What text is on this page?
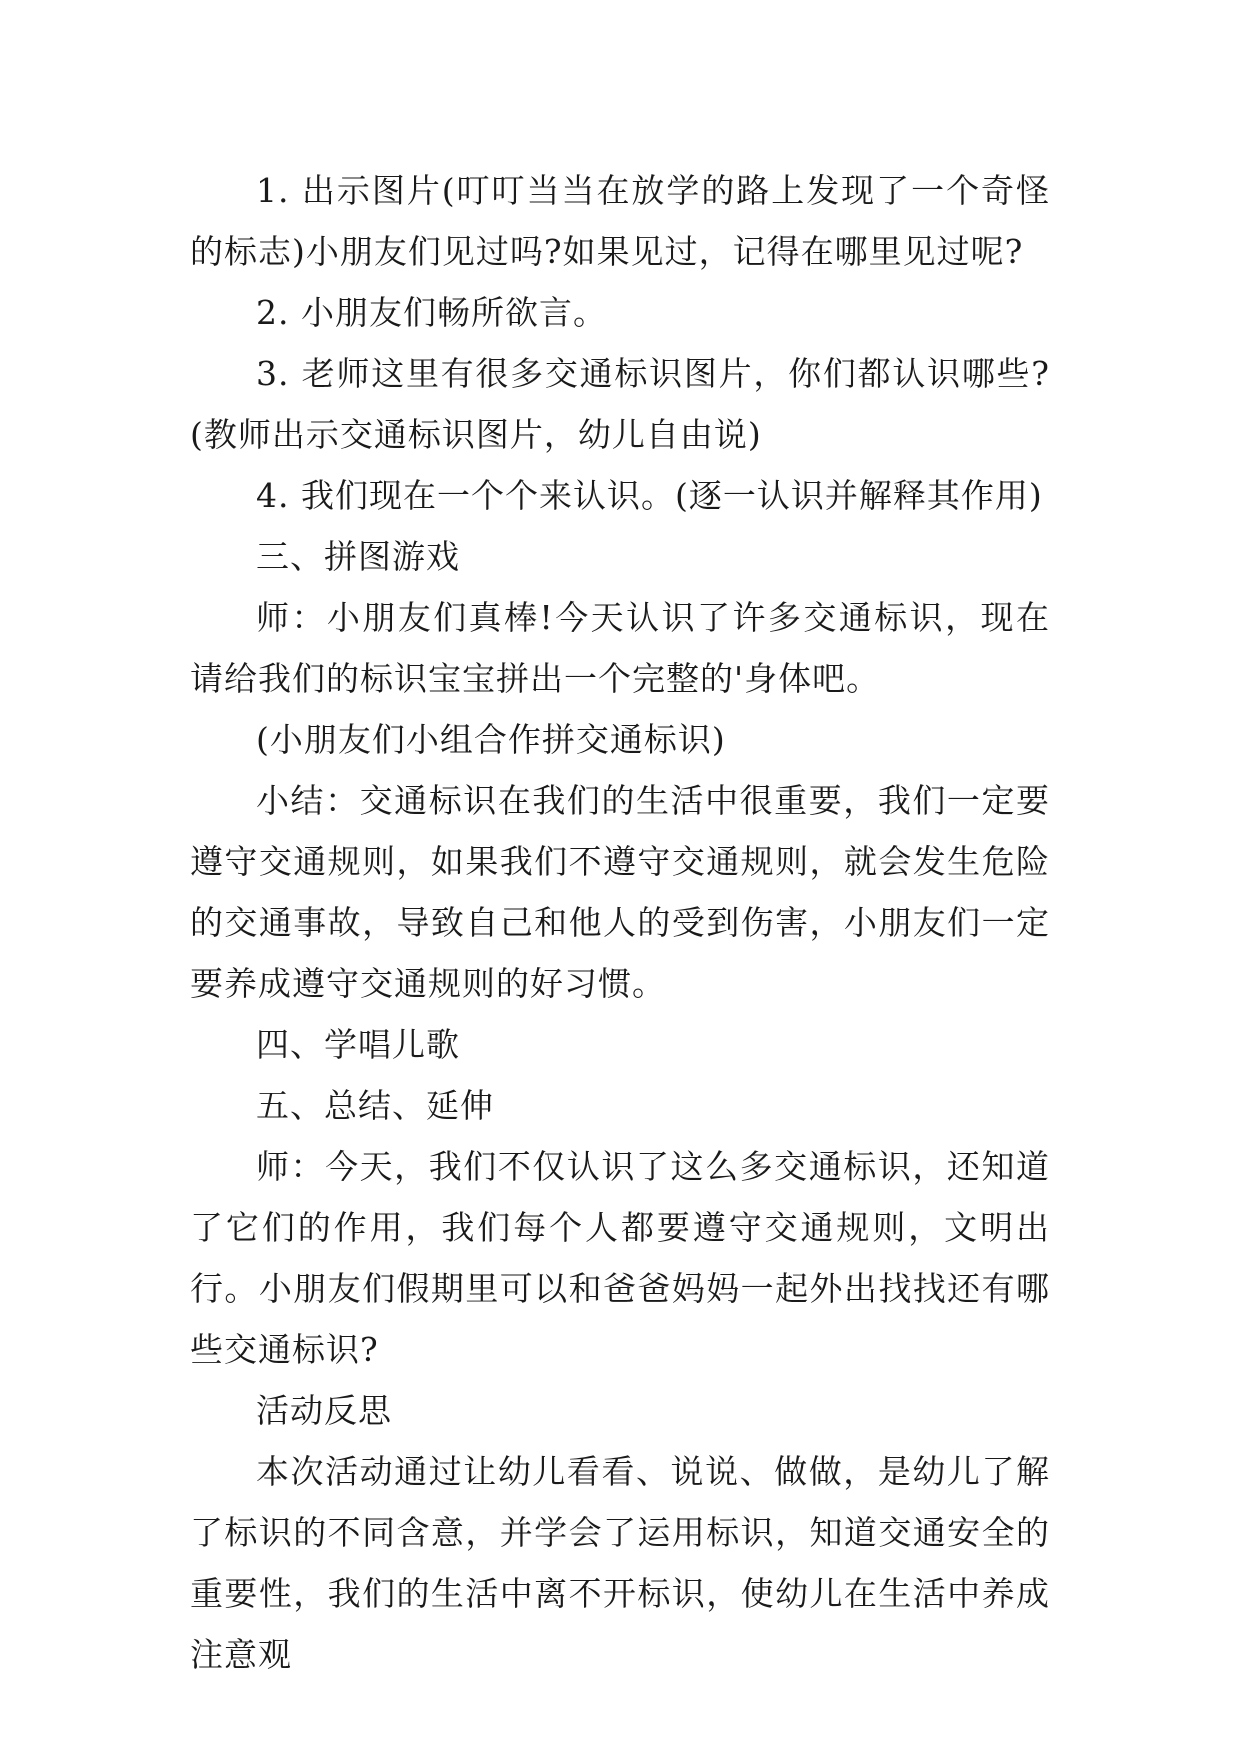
1. 出示图片(叮叮当当在放学的路上发现了一个奇怪的标志)小朋友们见过吗?如果见过，记得在哪里见过呢?

2. 小朋友们畅所欲言。

3. 老师这里有很多交通标识图片，你们都认识哪些?(教师出示交通标识图片，幼儿自由说)

4. 我们现在一个个来认识。(逐一认识并解释其作用)

三、拼图游戏

师：小朋友们真棒!今天认识了许多交通标识，现在请给我们的标识宝宝拼出一个完整的'身体吧。

(小朋友们小组合作拼交通标识)

小结：交通标识在我们的生活中很重要，我们一定要遵守交通规则，如果我们不遵守交通规则，就会发生危险的交通事故，导致自己和他人的受到伤害，小朋友们一定要养成遵守交通规则的好习惯。

四、学唱儿歌

五、总结、延伸

师：今天，我们不仅认识了这么多交通标识，还知道了它们的作用，我们每个人都要遵守交通规则，文明出行。小朋友们假期里可以和爸爸妈妈一起外出找找还有哪些交通标识?

活动反思

本次活动通过让幼儿看看、说说、做做，是幼儿了解了标识的不同含意，并学会了运用标识，知道交通安全的重要性，我们的生活中离不开标识，使幼儿在生活中养成注意观
